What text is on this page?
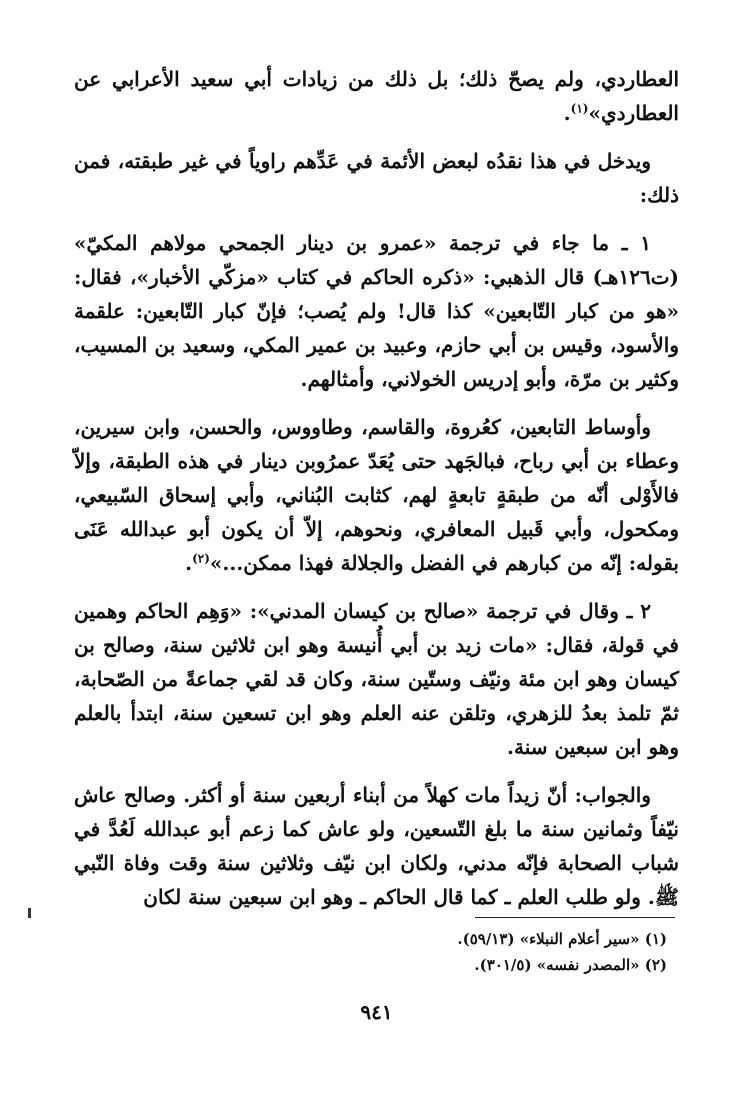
العطاردي، ولم يصحّ ذلك؛ بل ذلك من زيادات أبي سعيد الأعرابي عن العطاردي»$^{(١)}$.

ويدخل في هذا نقدُه لبعض الأئمة في عَدِّهم راوياً في غير طبقته، فمن ذلك:

١ ـ ما جاء في ترجمة «عمرو بن دينار الجمحي مولاهم المكيّ» (ت١٢٦هـ) قال الذهبي: «ذكره الحاكم في كتاب «مزكّي الأخبار»، فقال: «هو من كبار التّابعين» كذا قال! ولم يُصب؛ فإنّ كبار التّابعين: علقمة والأسود، وقيس بن أبي حازم، وعبيد بن عمير المكي، وسعيد بن المسيب، وكثير بن مرّة، وأبو إدريس الخولاني، وأمثالهم.

وأوساط التابعين، كعُروة، والقاسم، وطاووس، والحسن، وابن سيرين، وعطاء بن أبي رباح، فبالجَهد حتى يُعَدّ عمرُوبن دينار في هذه الطبقة، وإلاّ فالأَوْلى أنّه من طبقةٍ تابعةٍ لهم، كثابت البُناني، وأبي إسحاق السّبيعي، ومكحول، وأبي قَبيل المعافري، ونحوهم، إلاّ أن يكون أبو عبدالله عَنَى بقوله: إنّه من كبارهم في الفضل والجلالة فهذا ممكن...»$^{(٢)}$.

٢ ـ وقال في ترجمة «صالح بن كيسان المدني»: «وَهِم الحاكم وهمين في قولة، فقال: «مات زيد بن أبي أُنيسة وهو ابن ثلاثين سنة، وصالح بن كيسان وهو ابن مئة ونيّف وستّين سنة، وكان قد لقي جماعةً من الصّحابة، ثمّ تلمذ بعدُ للزهري، وتلقن عنه العلم وهو ابن تسعين سنة، ابتدأ بالعلم وهو ابن سبعين سنة.

والجواب: أنّ زيداً مات كهلاً من أبناء أربعين سنة أو أكثر. وصالح عاش نيّفاً وثمانين سنة ما بلغ التّسعين، ولو عاش كما زعم أبو عبدالله لَعُدَّ في شباب الصحابة فإنّه مدني، ولكان ابن نيّف وثلاثين سنة وقت وفاة النّبي ﷺ. ولو طلب العلم ـ كما قال الحاكم ـ وهو ابن سبعين سنة لكان

(١) «سير أعلام النبلاء» (٥٩/١٣).

(٢) «المصدر نفسه» (٣٠١/٥).

٩٤١
